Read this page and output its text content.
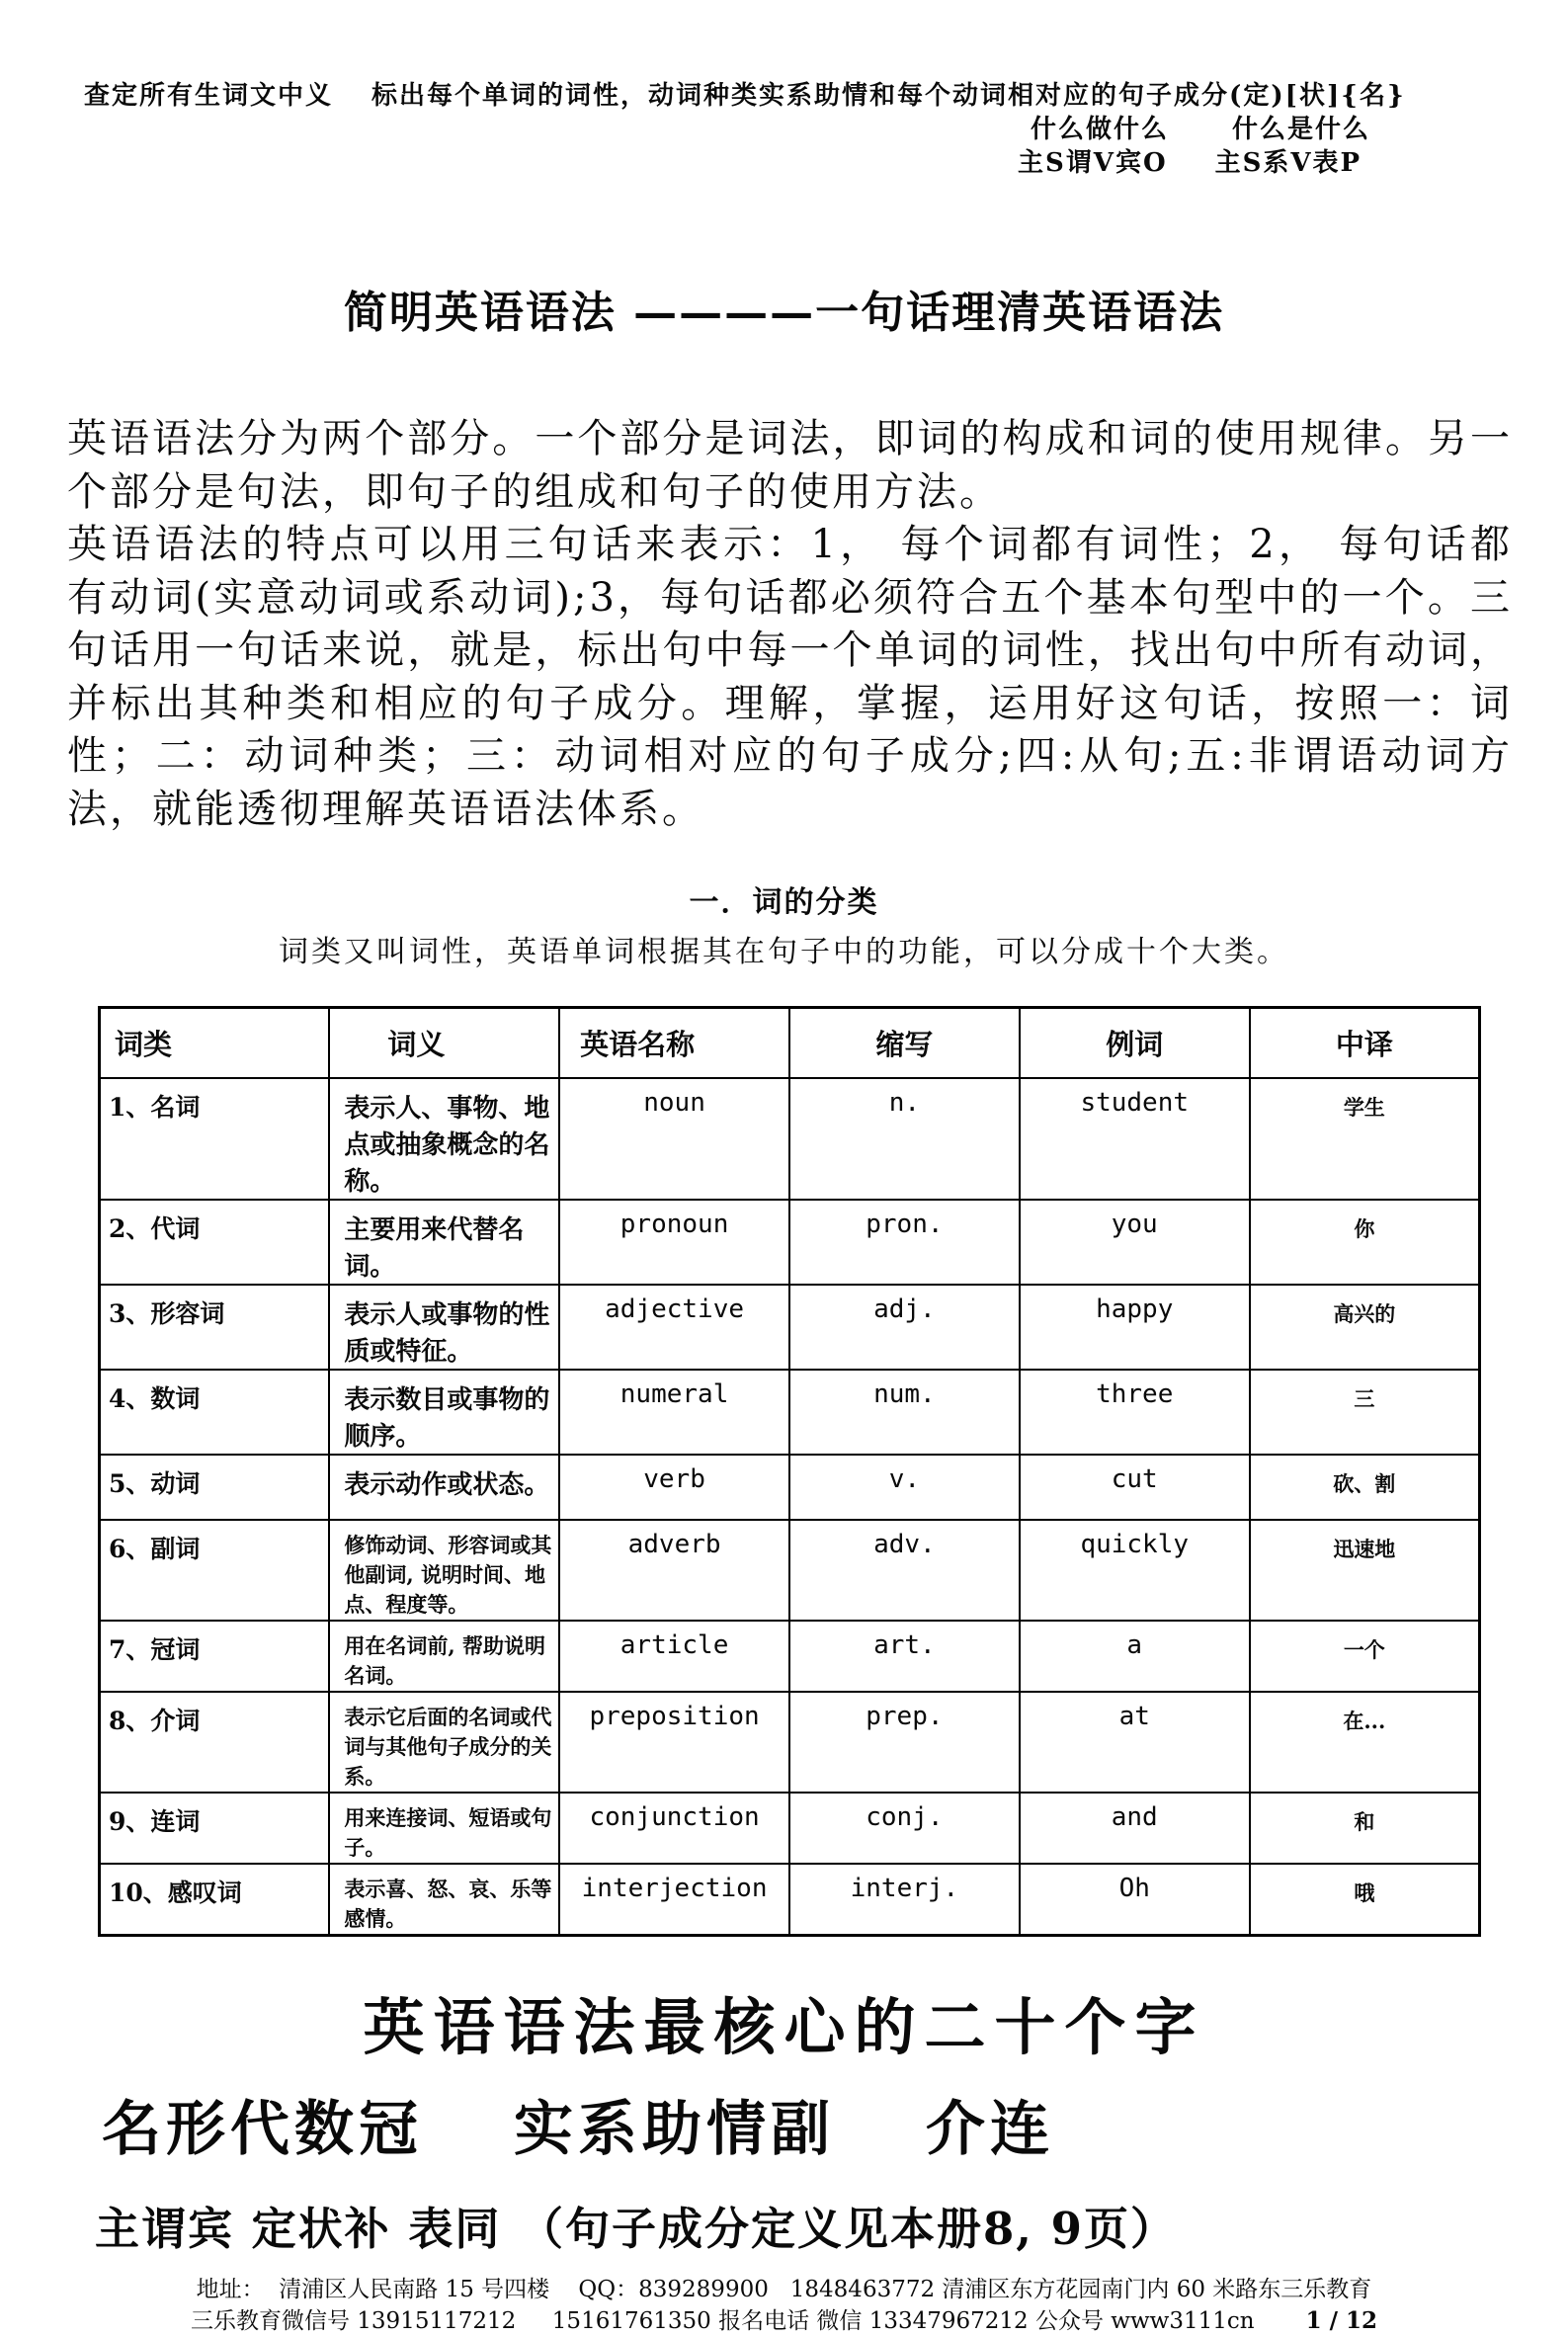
查定所有生词文中义　 标出每个单词的词性，动词种类实系助情和每个动词相对应的句子成分(定)[状]{名}
什么做什么 什么是什么
主S谓V宾O 主S系V表P
简明英语语法 ————一句话理清英语语法

英语语法分为两个部分。一个部分是词法，即词的构成和词的使用规律。另一个部分是句法，即句子的组成和句子的使用方法。

英语语法的特点可以用三句话来表示：1， 每个词都有词性；2， 每句话都有动词(实意动词或系动词);3，每句话都必须符合五个基本句型中的一个。三句话用一句话来说，就是，标出句中每一个单词的词性，找出句中所有动词，并标出其种类和相应的句子成分。理解，掌握，运用好这句话，按照一：词性；二：动词种类；三：动词相对应的句子成分;四:从句;五:非谓语动词方法，就能透彻理解英语语法体系。

一．词的分类
词类又叫词性，英语单词根据其在句子中的功能，可以分成十个大类。
词类	词义	英语名称	缩写	例词	中译
1、名词	表示人、事物、地点或抽象概念的名称。	noun	n.	student	学生
2、代词	主要用来代替名词。	pronoun	pron.	you	你
3、形容词	表示人或事物的性质或特征。	adjective	adj.	happy	高兴的
4、数词	表示数目或事物的顺序。	numeral	num.	three	三
5、动词	表示动作或状态。	verb	v.	cut	砍、割
6、副词	修饰动词、形容词或其他副词, 说明时间、地点、程度等。	adverb	adv.	quickly	迅速地
7、冠词	用在名词前, 帮助说明名词。	article	art.	a	一个
8、介词	表示它后面的名词或代词与其他句子成分的关系。	preposition	prep.	at	在...
9、连词	用来连接词、短语或句子。	conjunction	conj.	and	和
10、感叹词	表示喜、怒、哀、乐等感情。	interjection	interj.	Oh	哦
英语语法最核心的二十个字
名形代数冠 实系助情副 介连
主谓宾 定状补 表同 （句子成分定义见本册8, 9页）
地址：  清浦区人民南路 15 号四楼    QQ：839289900   1848463772 清浦区东方花园南门内 60 米路东三乐教育
三乐教育微信号 13915117212     15161761350 报名电话 微信 13347967212 公众号 www3111cn 1 / 12
